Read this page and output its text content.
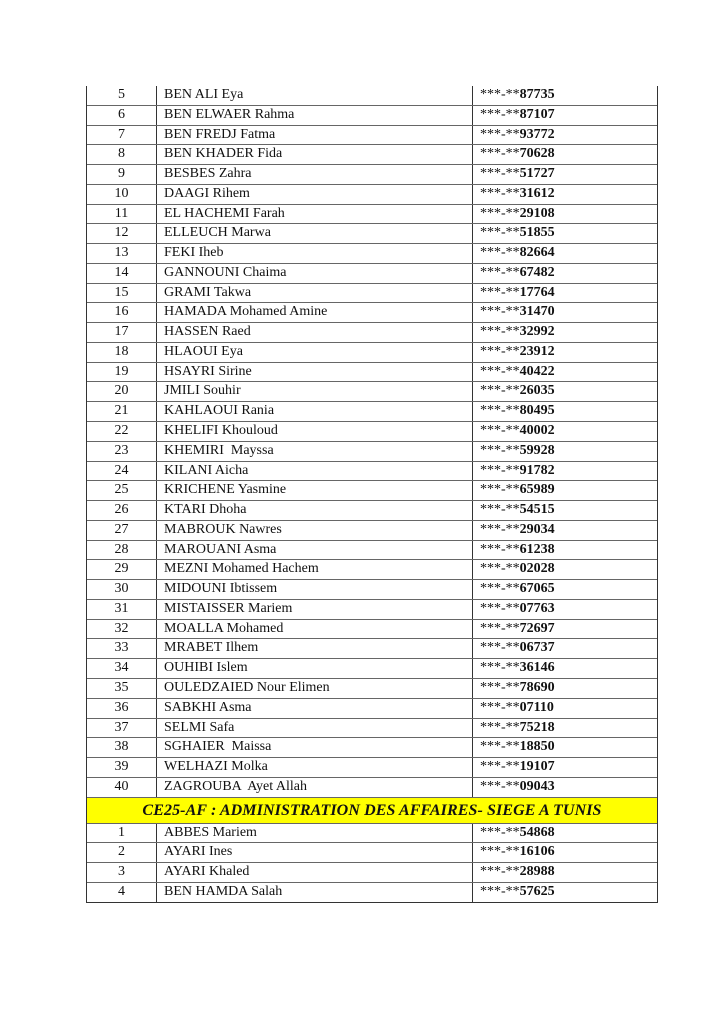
5	BEN ALI Eya	***-**87735
6	BEN ELWAER Rahma	***-**87107
7	BEN FREDJ Fatma	***-**93772
8	BEN KHADER Fida	***-**70628
9	BESBES Zahra	***-**51727
10	DAAGI Rihem	***-**31612
11	EL HACHEMI Farah	***-**29108
12	ELLEUCH Marwa	***-**51855
13	FEKI Iheb	***-**82664
14	GANNOUNI Chaima	***-**67482
15	GRAMI Takwa	***-**17764
16	HAMADA Mohamed Amine	***-**31470
17	HASSEN Raed	***-**32992
18	HLAOUI Eya	***-**23912
19	HSAYRI Sirine	***-**40422
20	JMILI Souhir	***-**26035
21	KAHLAOUI Rania	***-**80495
22	KHELIFI Khouloud	***-**40002
23	KHEMIRI  Mayssa	***-**59928
24	KILANI Aicha	***-**91782
25	KRICHENE Yasmine	***-**65989
26	KTARI Dhoha	***-**54515
27	MABROUK Nawres	***-**29034
28	MAROUANI Asma	***-**61238
29	MEZNI Mohamed Hachem	***-**02028
30	MIDOUNI Ibtissem	***-**67065
31	MISTAISSER Mariem	***-**07763
32	MOALLA Mohamed	***-**72697
33	MRABET Ilhem	***-**06737
34	OUHIBI Islem	***-**36146
35	OULEDZAIED Nour Elimen	***-**78690
36	SABKHI Asma	***-**07110
37	SELMI Safa	***-**75218
38	SGHAIER  Maissa	***-**18850
39	WELHAZI Molka	***-**19107
40	ZAGROUBA  Ayet Allah	***-**09043
CE25-AF : ADMINISTRATION DES AFFAIRES- SIEGE A TUNIS
1	ABBES Mariem	***-**54868
2	AYARI Ines	***-**16106
3	AYARI Khaled	***-**28988
4	BEN HAMDA Salah	***-**57625
